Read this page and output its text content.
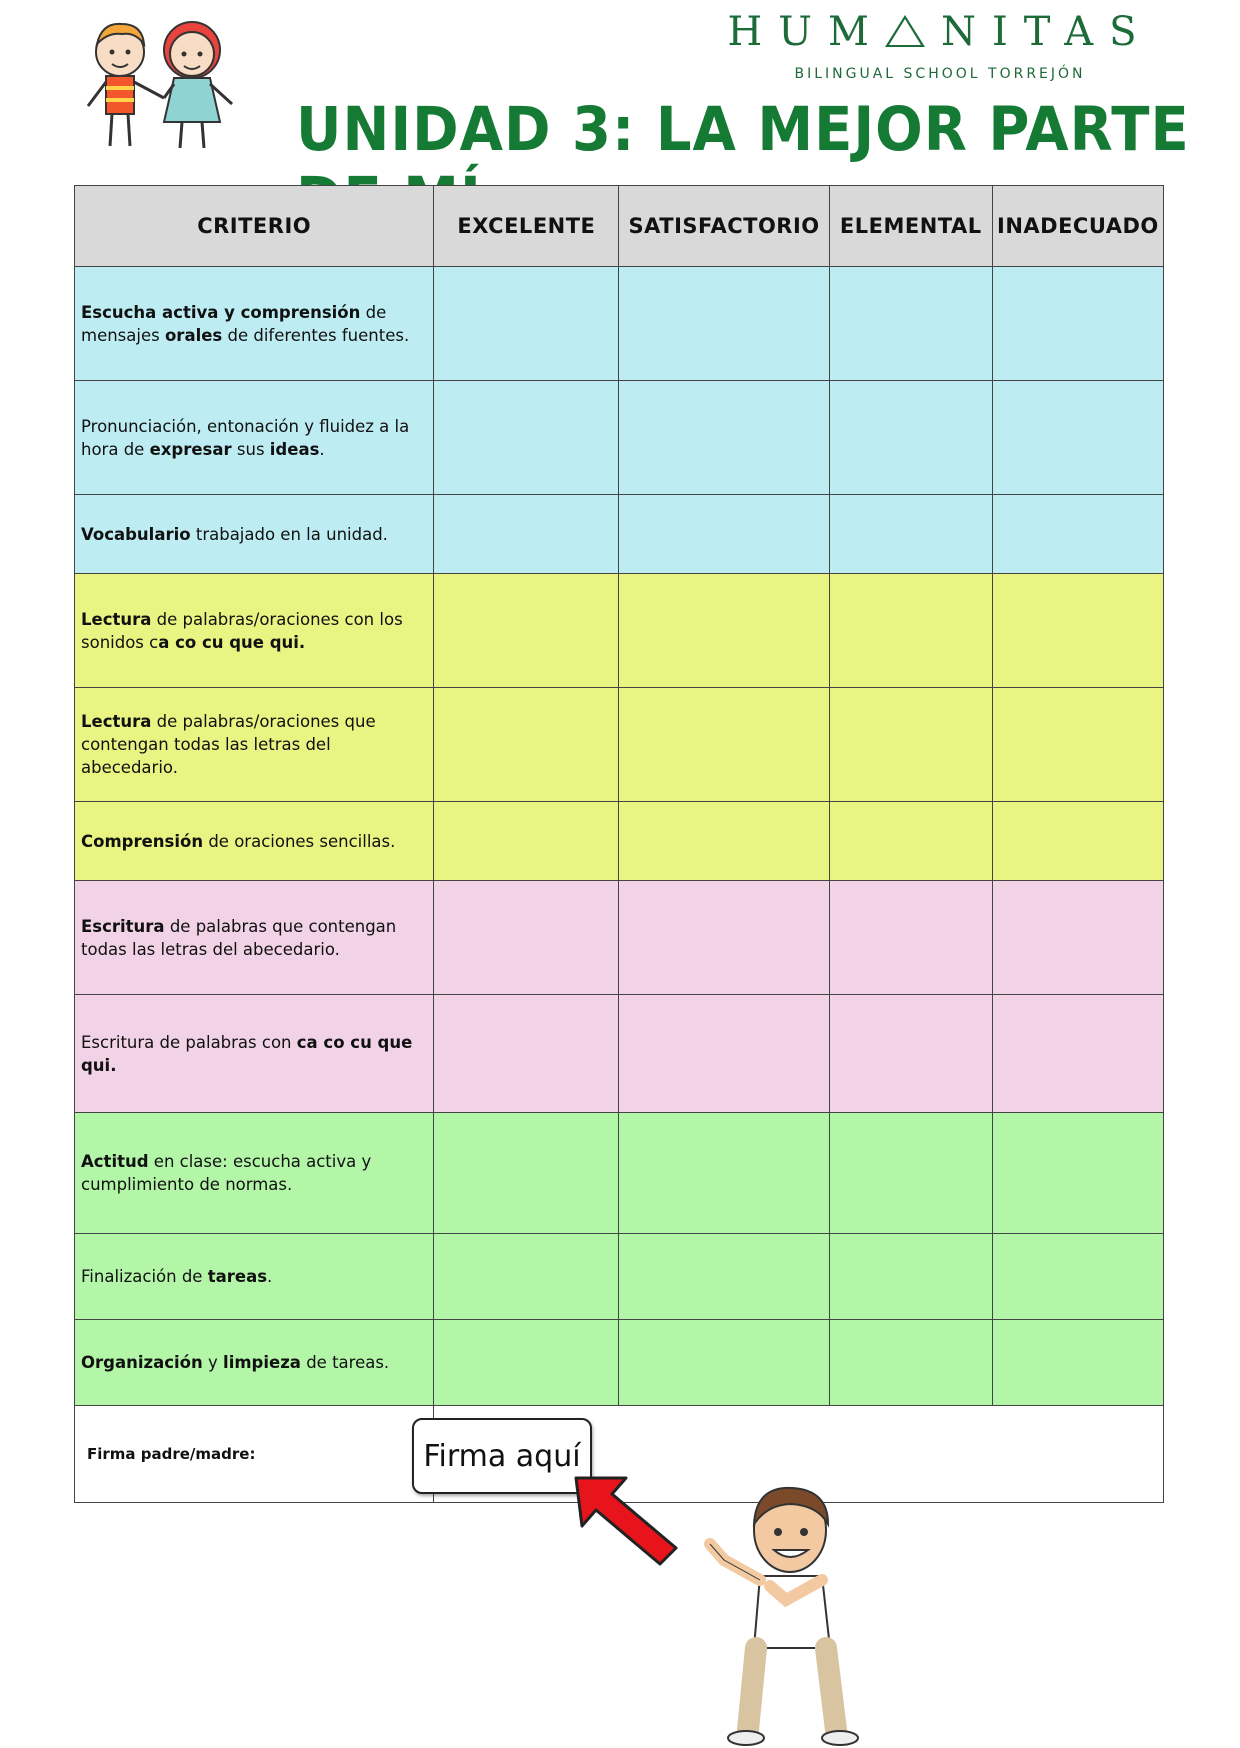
HUM NITAS
BILINGUAL SCHOOL TORREJÓN
UNIDAD 3: LA MEJOR PARTE
CRITERIO	EXCELENTE	SATISFACTORIO	ELEMENTAL	INADECUADO
Escucha activa y comprensión de mensajes orales de diferentes fuentes.				
Pronunciación, entonación y fluidez a la hora de expresar sus ideas.				
Vocabulario trabajado en la unidad.				
Lectura de palabras/oraciones con los sonidos ca co cu que qui.				
Lectura de palabras/oraciones que contengan todas las letras del abecedario.				
Comprensión de oraciones sencillas.				
Escritura de palabras que contengan todas las letras del abecedario.				
Escritura de palabras con ca co cu que qui.				
Actitud en clase: escucha activa y cumplimiento de normas.				
Finalización de tareas.				
Organización y limpieza de tareas.				
Firma padre/madre:					Firma aquí
